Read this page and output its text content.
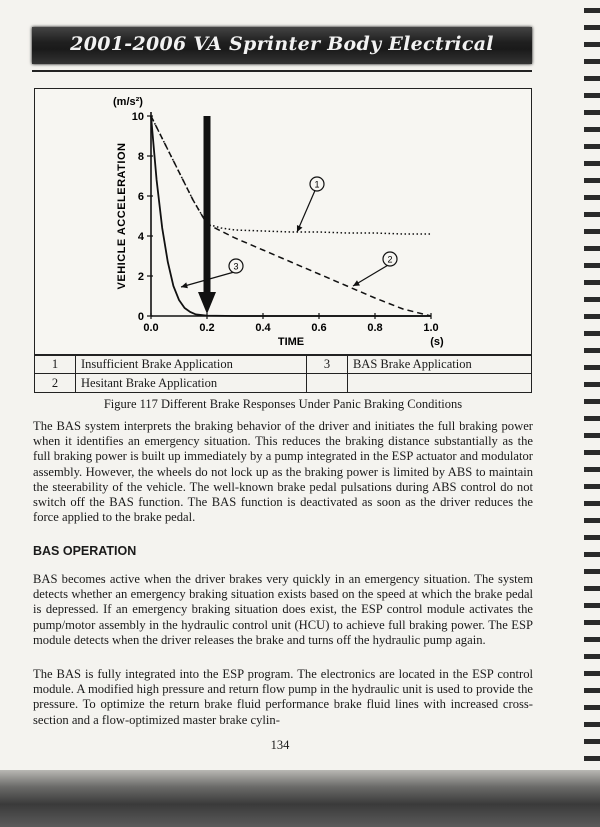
2001-2006 VA Sprinter Body Electrical
0
2
4
6
8
10
0.0	0.2	0.4	0.6	0.8	1.0
(m/s²)
VEHICLE ACCELERATION
TIME	(s)
1
2
3
1	Insufficient Brake Application	3	BAS Brake Application
2	Hesitant Brake Application		
Figure 117 Different Brake Responses Under Panic Braking Conditions

The BAS system interprets the braking behavior of the driver and initiates the full braking power when it identifies an emergency situation. This reduces the braking distance substantially as the full braking power is built up immediately by a pump integrated in the ESP actuator and modulator assembly. However, the wheels do not lock up as the braking power is limited by ABS to maintain the steerability of the vehicle. The well-known brake pedal pulsations during ABS control do not switch off the BAS function. The BAS function is deactivated as soon as the driver reduces the force applied to the brake pedal.

BAS OPERATION

BAS becomes active when the driver brakes very quickly in an emergency situation. The system detects whether an emergency braking situation exists based on the speed at which the brake pedal is depressed. If an emergency braking situation does exist, the ESP control module activates the pump/motor assembly in the hydraulic control unit (HCU) to achieve full braking power. The ESP module detects when the driver releases the brake and turns off the hydraulic pump again.

The BAS is fully integrated into the ESP program. The electronics are located in the ESP control module. A modified high pressure and return flow pump in the hydraulic unit is used to provide the pressure. To optimize the return brake fluid performance brake fluid lines with increased cross-section and a flow-optimized master brake cylin-

134
